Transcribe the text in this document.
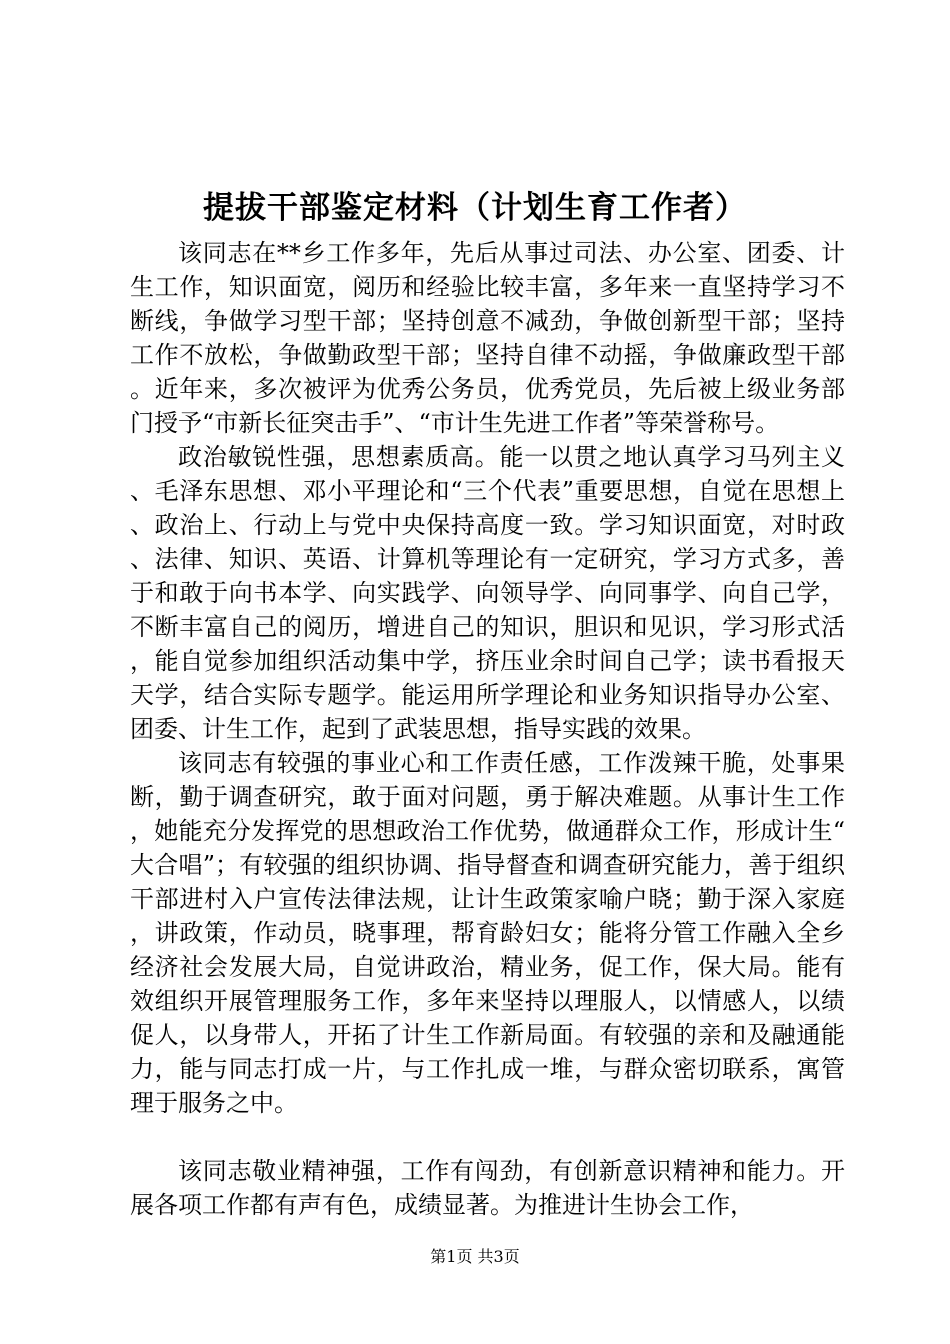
提拔干部鉴定材料（计划生育工作者）

该同志在**乡工作多年，先后从事过司法、办公室、团委、计生工作，知识面宽，阅历和经验比较丰富，多年来一直坚持学习不断线，争做学习型干部；坚持创意不减劲，争做创新型干部；坚持工作不放松，争做勤政型干部；坚持自律不动摇，争做廉政型干部。近年来，多次被评为优秀公务员，优秀党员，先后被上级业务部门授予“市新长征突击手”、“市计生先进工作者”等荣誉称号。

政治敏锐性强，思想素质高。能一以贯之地认真学习马列主义、毛泽东思想、邓小平理论和“三个代表”重要思想，自觉在思想上、政治上、行动上与党中央保持高度一致。学习知识面宽，对时政、法律、知识、英语、计算机等理论有一定研究，学习方式多，善于和敢于向书本学、向实践学、向领导学、向同事学、向自己学，不断丰富自己的阅历，增进自己的知识，胆识和见识，学习形式活，能自觉参加组织活动集中学，挤压业余时间自己学；读书看报天天学，结合实际专题学。能运用所学理论和业务知识指导办公室、团委、计生工作，起到了武装思想，指导实践的效果。

该同志有较强的事业心和工作责任感，工作泼辣干脆，处事果断，勤于调查研究，敢于面对问题，勇于解决难题。从事计生工作，她能充分发挥党的思想政治工作优势，做通群众工作，形成计生“大合唱”；有较强的组织协调、指导督查和调查研究能力，善于组织干部进村入户宣传法律法规，让计生政策家喻户晓；勤于深入家庭，讲政策，作动员，晓事理，帮育龄妇女；能将分管工作融入全乡经济社会发展大局，自觉讲政治，精业务，促工作，保大局。能有效组织开展管理服务工作，多年来坚持以理服人，以情感人，以绩促人，以身带人，开拓了计生工作新局面。有较强的亲和及融通能力，能与同志打成一片，与工作扎成一堆，与群众密切联系，寓管理于服务之中。

该同志敬业精神强，工作有闯劲，有创新意识精神和能力。开展各项工作都有声有色，成绩显著。为推进计生协会工作，

第1页 共3页
